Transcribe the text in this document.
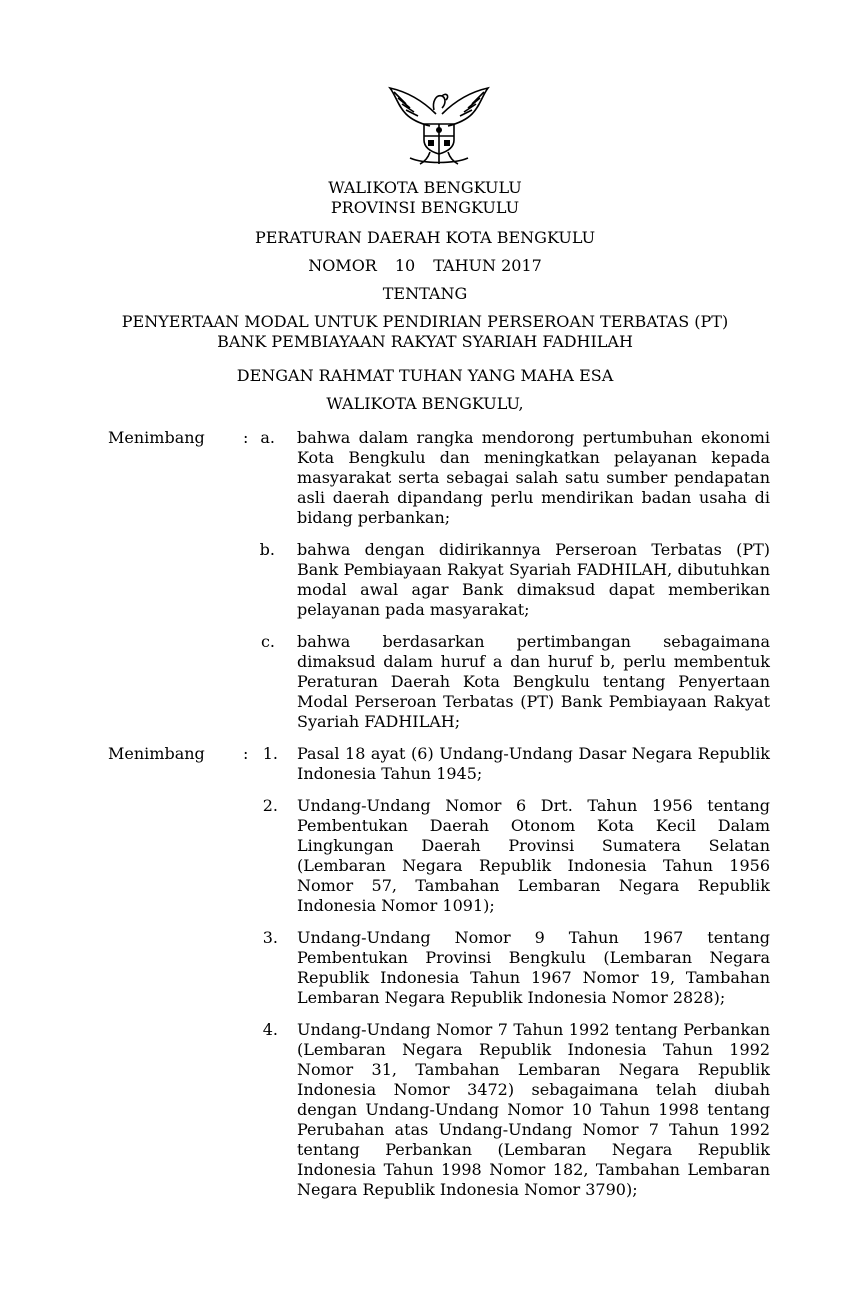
WALIKOTA BENGKULU
PROVINSI BENGKULU
PERATURAN DAERAH KOTA BENGKULU
NOMOR 10 TAHUN 2017
TENTANG
PENYERTAAN MODAL UNTUK PENDIRIAN PERSEROAN TERBATAS (PT)
BANK PEMBIAYAAN RAKYAT SYARIAH FADHILAH
DENGAN RAHMAT TUHAN YANG MAHA ESA
WALIKOTA BENGKULU,
Menimbang : a. bahwa dalam rangka mendorong pertumbuhan ekonomi Kota Bengkulu dan meningkatkan pelayanan kepada masyarakat serta sebagai salah satu sumber pendapatan asli daerah dipandang perlu mendirikan badan usaha di bidang perbankan;

b. bahwa dengan didirikannya Perseroan Terbatas (PT) Bank Pembiayaan Rakyat Syariah FADHILAH, dibutuhkan modal awal agar Bank dimaksud dapat memberikan pelayanan pada masyarakat;

c. bahwa berdasarkan pertimbangan sebagaimana dimaksud dalam huruf a dan huruf b, perlu membentuk Peraturan Daerah Kota Bengkulu tentang Penyertaan Modal Perseroan Terbatas (PT) Bank Pembiayaan Rakyat Syariah FADHILAH;

Menimbang : 1. Pasal 18 ayat (6) Undang-Undang Dasar Negara Republik Indonesia Tahun 1945;

2. Undang-Undang Nomor 6 Drt. Tahun 1956 tentang Pembentukan Daerah Otonom Kota Kecil Dalam Lingkungan Daerah Provinsi Sumatera Selatan (Lembaran Negara Republik Indonesia Tahun 1956 Nomor 57, Tambahan Lembaran Negara Republik Indonesia Nomor 1091);

3. Undang-Undang Nomor 9 Tahun 1967 tentang Pembentukan Provinsi Bengkulu (Lembaran Negara Republik Indonesia Tahun 1967 Nomor 19, Tambahan Lembaran Negara Republik Indonesia Nomor 2828);

4. Undang-Undang Nomor 7 Tahun 1992 tentang Perbankan (Lembaran Negara Republik Indonesia Tahun 1992 Nomor 31, Tambahan Lembaran Negara Republik Indonesia Nomor 3472) sebagaimana telah diubah dengan Undang-Undang Nomor 10 Tahun 1998 tentang Perubahan atas Undang-Undang Nomor 7 Tahun 1992 tentang Perbankan (Lembaran Negara Republik Indonesia Tahun 1998 Nomor 182, Tambahan Lembaran Negara Republik Indonesia Nomor 3790);
